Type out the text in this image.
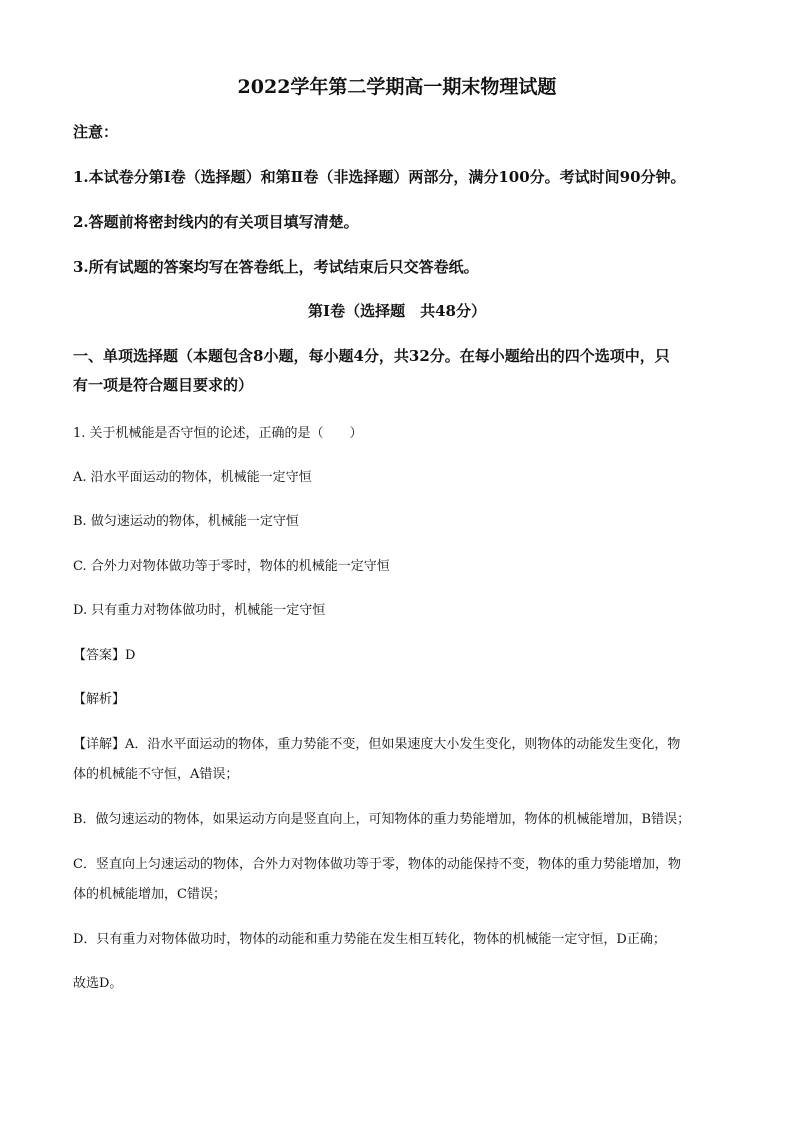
2022学年第二学期高一期末物理试题
注意：
1.本试卷分第Ⅰ卷（选择题）和第Ⅱ卷（非选择题）两部分，满分100分。考试时间90分钟。
2.答题前将密封线内的有关项目填写清楚。
3.所有试题的答案均写在答卷纸上，考试结束后只交答卷纸。
第Ⅰ卷（选择题　共48分）
一、单项选择题（本题包含8小题，每小题4分，共32分。在每小题给出的四个选项中，只
有一项是符合题目要求的）
1. 关于机械能是否守恒的论述，正确的是（　　）
A. 沿水平面运动的物体，机械能一定守恒
B. 做匀速运动的物体，机械能一定守恒
C. 合外力对物体做功等于零时，物体的机械能一定守恒
D. 只有重力对物体做功时，机械能一定守恒
【答案】D
【解析】
【详解】A．沿水平面运动的物体，重力势能不变，但如果速度大小发生变化，则物体的动能发生变化，物
体的机械能不守恒，A错误；
B．做匀速运动的物体，如果运动方向是竖直向上，可知物体的重力势能增加，物体的机械能增加，B错误；
C．竖直向上匀速运动的物体，合外力对物体做功等于零，物体的动能保持不变，物体的重力势能增加，物
体的机械能增加，C错误；
D．只有重力对物体做功时，物体的动能和重力势能在发生相互转化，物体的机械能一定守恒，D正确；
故选D。
